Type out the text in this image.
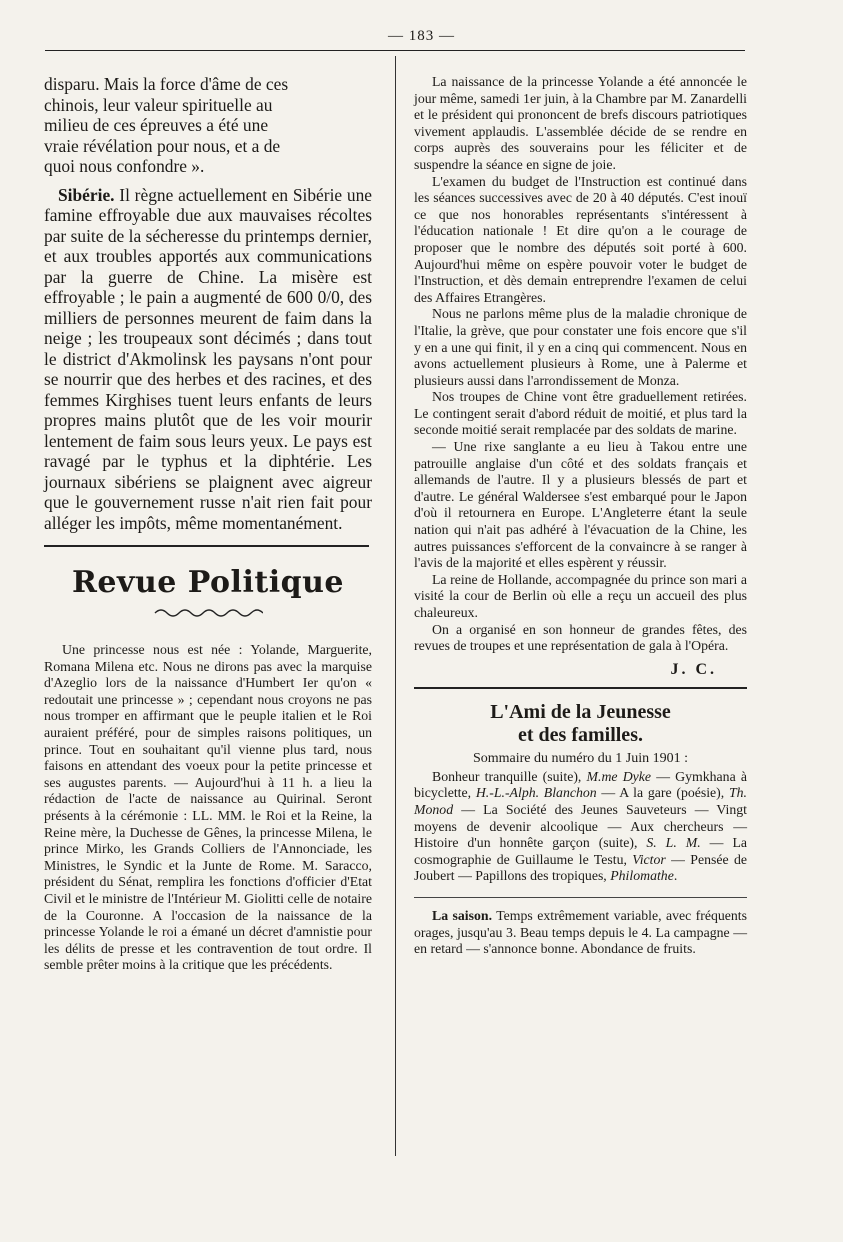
— 183 —
disparu. Mais la force d'âme de ces
chinois, leur valeur spirituelle au
milieu de ces épreuves a été une
vraie révélation pour nous, et a de
quoi nous confondre ».

Sibérie. Il règne actuellement en Sibérie une famine effroyable due aux mauvaises récoltes par suite de la sécheresse du printemps dernier, et aux troubles apportés aux communications par la guerre de Chine. La misère est effroyable ; le pain a augmenté de 600 0/0, des milliers de personnes meurent de faim dans la neige ; les troupeaux sont décimés ; dans tout le district d'Akmolinsk les paysans n'ont pour se nourrir que des herbes et des racines, et des femmes Kirghises tuent leurs enfants de leurs propres mains plutôt que de les voir mourir lentement de faim sous leurs yeux. Le pays est ravagé par le typhus et la diphtérie. Les journaux sibériens se plaignent avec aigreur que le gouvernement russe n'ait rien fait pour alléger les impôts, même momentanément.

Revue Politique

Une princesse nous est née : Yolande, Marguerite, Romana Milena etc. Nous ne dirons pas avec la marquise d'Azeglio lors de la naissance d'Humbert Ier qu'on « redoutait une princesse » ; cependant nous croyons ne pas nous tromper en affirmant que le peuple italien et le Roi auraient préféré, pour de simples raisons politiques, un prince. Tout en souhaitant qu'il vienne plus tard, nous faisons en attendant des voeux pour la petite princesse et ses augustes parents. — Aujourd'hui à 11 h. a lieu la rédaction de l'acte de naissance au Quirinal. Seront présents à la cérémonie : LL. MM. le Roi et la Reine, la Reine mère, la Duchesse de Gênes, la princesse Milena, le prince Mirko, les Grands Colliers de l'Annonciade, les Ministres, le Syndic et la Junte de Rome. M. Saracco, président du Sénat, remplira les fonctions d'officier d'Etat Civil et le ministre de l'Intérieur M. Giolitti celle de notaire de la Couronne. A l'occasion de la naissance de la princesse Yolande le roi a émané un décret d'amnistie pour les délits de presse et les contravention de tout ordre. Il semble prêter moins à la critique que les précédents.

La naissance de la princesse Yolande a été annoncée le jour même, samedi 1er juin, à la Chambre par M. Zanardelli et le président qui prononcent de brefs discours patriotiques vivement applaudis. L'assemblée décide de se rendre en corps auprès des souverains pour les féliciter et de suspendre la séance en signe de joie.

L'examen du budget de l'Instruction est continué dans les séances successives avec de 20 à 40 députés. C'est inouï ce que nos honorables représentants s'intéressent à l'éducation nationale ! Et dire qu'on a le courage de proposer que le nombre des députés soit porté à 600. Aujourd'hui même on espère pouvoir voter le budget de l'Instruction, et dès demain entreprendre l'examen de celui des Affaires Etrangères.

Nous ne parlons même plus de la maladie chronique de l'Italie, la grève, que pour constater une fois encore que s'il y en a une qui finit, il y en a cinq qui commencent. Nous en avons actuellement plusieurs à Rome, une à Palerme et plusieurs aussi dans l'arrondissement de Monza.

Nos troupes de Chine vont être graduellement retirées. Le contingent serait d'abord réduit de moitié, et plus tard la seconde moitié serait remplacée par des soldats de marine.

— Une rixe sanglante a eu lieu à Takou entre une patrouille anglaise d'un côté et des soldats français et allemands de l'autre. Il y a plusieurs blessés de part et d'autre. Le général Waldersee s'est embarqué pour le Japon d'où il retournera en Europe. L'Angleterre étant la seule nation qui n'ait pas adhéré à l'évacuation de la Chine, les autres puissances s'efforcent de la convaincre à se ranger à l'avis de la majorité et elles espèrent y réussir.

La reine de Hollande, accompagnée du prince son mari a visité la cour de Berlin où elle a reçu un accueil des plus chaleureux.

On a organisé en son honneur de grandes fêtes, des revues de troupes et une représentation de gala à l'Opéra.

J. C.
L'Ami de la Jeunesse
et des familles.
Sommaire du numéro du 1 Juin 1901 :

Bonheur tranquille (suite), M.me Dyke — Gymkhana à bicyclette, H.-L.-Alph. Blanchon — A la gare (poésie), Th. Monod — La Société des Jeunes Sauveteurs — Vingt moyens de devenir alcoolique — Aux chercheurs — Histoire d'un honnête garçon (suite), S. L. M. — La cosmographie de Guillaume le Testu, Victor — Pensée de Joubert — Papillons des tropiques, Philomathe.

La saison. Temps extrêmement variable, avec fréquents orages, jusqu'au 3. Beau temps depuis le 4. La campagne — en retard — s'annonce bonne. Abondance de fruits.
